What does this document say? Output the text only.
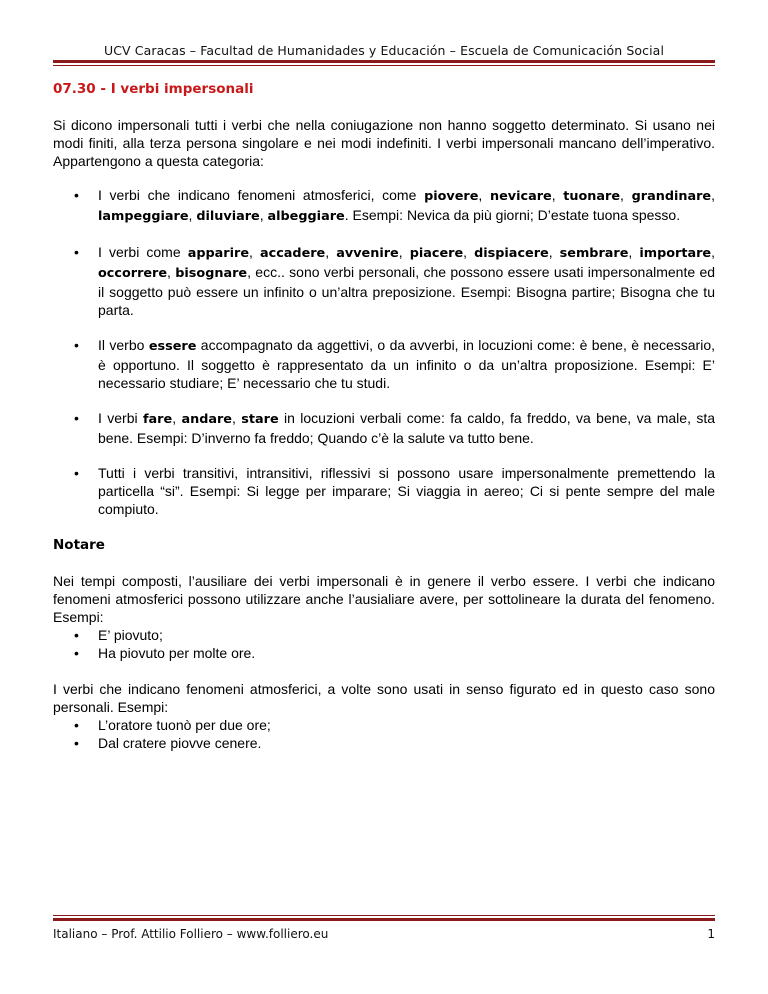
UCV Caracas – Facultad de Humanidades y Educación – Escuela de Comunicación Social
07.30 - I verbi impersonali

Si dicono impersonali tutti i verbi che nella coniugazione non hanno soggetto determinato. Si usano nei modi finiti, alla terza persona singolare e nei modi indefiniti. I verbi impersonali mancano dell’imperativo. Appartengono a questa categoria:

• I verbi che indicano fenomeni atmosferici, come piovere, nevicare, tuonare, grandinare, lampeggiare, diluviare, albeggiare. Esempi: Nevica da più giorni; D’estate tuona spesso.
• I verbi come apparire, accadere, avvenire, piacere, dispiacere, sembrare, importare, occorrere, bisognare, ecc.. sono verbi personali, che possono essere usati impersonalmente ed il soggetto può essere un infinito o un’altra preposizione. Esempi: Bisogna partire; Bisogna che tu parta.
• Il verbo essere accompagnato da aggettivi, o da avverbi, in locuzioni come: è bene, è necessario, è opportuno. Il soggetto è rappresentato da un infinito o da un’altra proposizione. Esempi: E’ necessario studiare; E’ necessario che tu studi.
• I verbi fare, andare, stare in locuzioni verbali come: fa caldo, fa freddo, va bene, va male, sta bene. Esempi: D’inverno fa freddo; Quando c’è la salute va tutto bene.
• Tutti i verbi transitivi, intransitivi, riflessivi si possono usare impersonalmente premettendo la particella “si”. Esempi: Si legge per imparare; Si viaggia in aereo; Ci si pente sempre del male compiuto.
Notare

Nei tempi composti, l’ausiliare dei verbi impersonali è in genere il verbo essere. I verbi che indicano fenomeni atmosferici possono utilizzare anche l’ausialiare avere, per sottolineare la durata del fenomeno. Esempi:

• E’ piovuto;
• Ha piovuto per molte ore.

I verbi che indicano fenomeni atmosferici, a volte sono usati in senso figurato ed in questo caso sono personali. Esempi:

• L’oratore tuonò per due ore;
• Dal cratere piovve cenere.
Italiano – Prof. Attilio Folliero – www.folliero.eu	1
